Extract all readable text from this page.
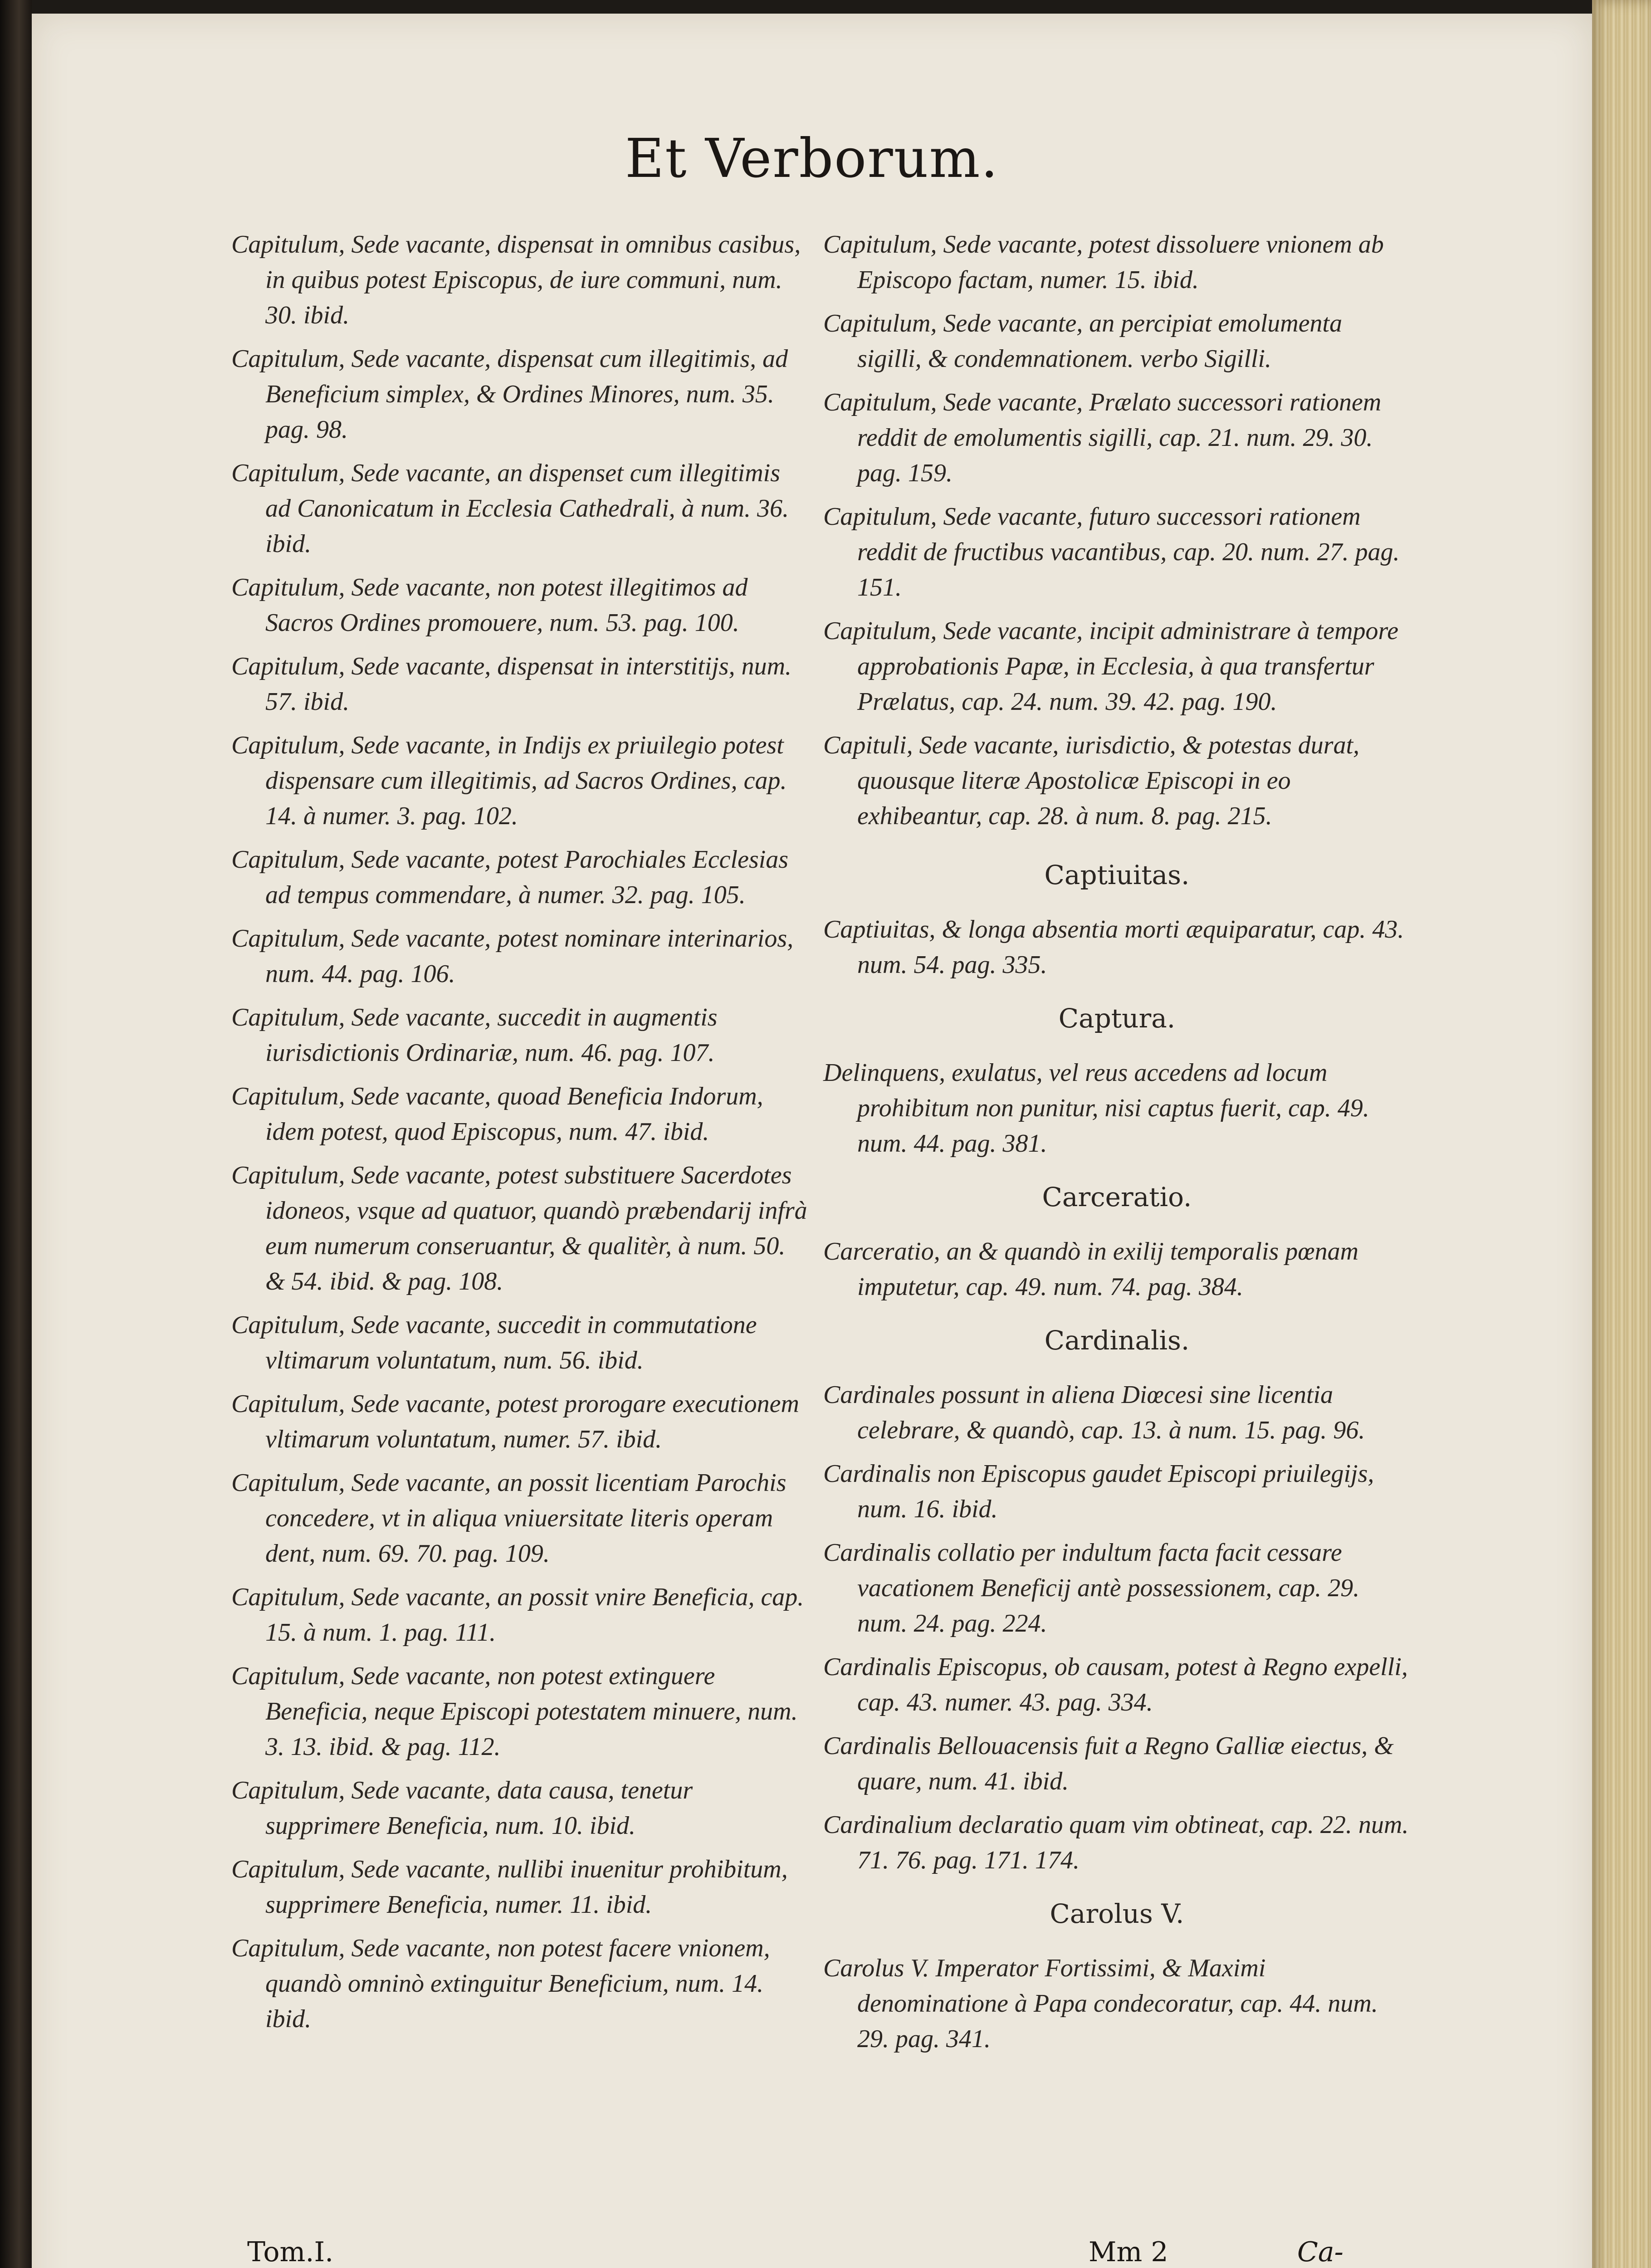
Et Verborum.

Capitulum, Sede vacante, dispensat in omnibus casibus, in quibus potest Episcopus, de iure communi, num. 30. ibid.

Capitulum, Sede vacante, dispensat cum illegitimis, ad Beneficium simplex, & Ordines Minores, num. 35. pag. 98.

Capitulum, Sede vacante, an dispenset cum illegitimis ad Canonicatum in Ecclesia Cathedrali, à num. 36. ibid.

Capitulum, Sede vacante, non potest illegitimos ad Sacros Ordines promouere, num. 53. pag. 100.

Capitulum, Sede vacante, dispensat in interstitijs, num. 57. ibid.

Capitulum, Sede vacante, in Indijs ex priuilegio potest dispensare cum illegitimis, ad Sacros Ordines, cap. 14. à numer. 3. pag. 102.

Capitulum, Sede vacante, potest Parochiales Ecclesias ad tempus commendare, à numer. 32. pag. 105.

Capitulum, Sede vacante, potest nominare interinarios, num. 44. pag. 106.

Capitulum, Sede vacante, succedit in augmentis iurisdictionis Ordinariæ, num. 46. pag. 107.

Capitulum, Sede vacante, quoad Beneficia Indorum, idem potest, quod Episcopus, num. 47. ibid.

Capitulum, Sede vacante, potest substituere Sacerdotes idoneos, vsque ad quatuor, quandò præbendarij infrà eum numerum conseruantur, & qualitèr, à num. 50. & 54. ibid. & pag. 108.

Capitulum, Sede vacante, succedit in commutatione vltimarum voluntatum, num. 56. ibid.

Capitulum, Sede vacante, potest prorogare executionem vltimarum voluntatum, numer. 57. ibid.

Capitulum, Sede vacante, an possit licentiam Parochis concedere, vt in aliqua vniuersitate literis operam dent, num. 69. 70. pag. 109.

Capitulum, Sede vacante, an possit vnire Beneficia, cap. 15. à num. 1. pag. 111.

Capitulum, Sede vacante, non potest extinguere Beneficia, neque Episcopi potestatem minuere, num. 3. 13. ibid. & pag. 112.

Capitulum, Sede vacante, data causa, tenetur supprimere Beneficia, num. 10. ibid.

Capitulum, Sede vacante, nullibi inuenitur prohibitum, supprimere Beneficia, numer. 11. ibid.

Capitulum, Sede vacante, non potest facere vnionem, quandò omninò extinguitur Beneficium, num. 14. ibid.

Capitulum, Sede vacante, potest dissoluere vnionem ab Episcopo factam, numer. 15. ibid.

Capitulum, Sede vacante, an percipiat emolumenta sigilli, & condemnationem. verbo Sigilli.

Capitulum, Sede vacante, Prælato successori rationem reddit de emolumentis sigilli, cap. 21. num. 29. 30. pag. 159.

Capitulum, Sede vacante, futuro successori rationem reddit de fructibus vacantibus, cap. 20. num. 27. pag. 151.

Capitulum, Sede vacante, incipit administrare à tempore approbationis Papæ, in Ecclesia, à qua transfertur Prælatus, cap. 24. num. 39. 42. pag. 190.

Capituli, Sede vacante, iurisdictio, & potestas durat, quousque literæ Apostolicæ Episcopi in eo exhibeantur, cap. 28. à num. 8. pag. 215.

Captiuitas.

Captiuitas, & longa absentia morti æquiparatur, cap. 43. num. 54. pag. 335.

Captura.

Delinquens, exulatus, vel reus accedens ad locum prohibitum non punitur, nisi captus fuerit, cap. 49. num. 44. pag. 381.

Carceratio.

Carceratio, an & quandò in exilij temporalis pœnam imputetur, cap. 49. num. 74. pag. 384.

Cardinalis.

Cardinales possunt in aliena Diœcesi sine licentia celebrare, & quandò, cap. 13. à num. 15. pag. 96.

Cardinalis non Episcopus gaudet Episcopi priuilegijs, num. 16. ibid.

Cardinalis collatio per indultum facta facit cessare vacationem Beneficij antè possessionem, cap. 29. num. 24. pag. 224.

Cardinalis Episcopus, ob causam, potest à Regno expelli, cap. 43. numer. 43. pag. 334.

Cardinalis Bellouacensis fuit a Regno Galliæ eiectus, & quare, num. 41. ibid.

Cardinalium declaratio quam vim obtineat, cap. 22. num. 71. 76. pag. 171. 174.

Carolus V.

Carolus V. Imperator Fortissimi, & Maximi denominatione à Papa condecoratur, cap. 44. num. 29. pag. 341.

Tom.I.	Mm 2	Ca-
